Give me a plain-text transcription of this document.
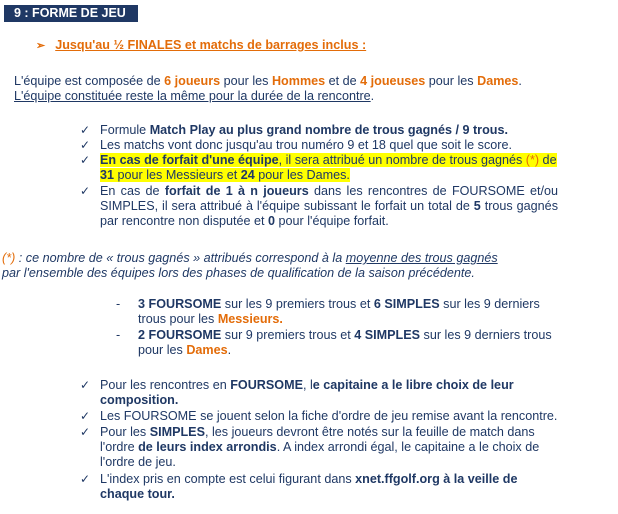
9 : FORME DE JEU
➢ Jusqu'au ½ FINALES et matchs de barrages inclus :
L'équipe est composée de 6 joueurs pour les Hommes et de 4 joueuses pour les Dames.
L'équipe constituée reste la même pour la durée de la rencontre.
✓ Formule Match Play au plus grand nombre de trous gagnés / 9 trous.
✓ Les matchs vont donc jusqu'au trou numéro 9 et 18 quel que soit le score.
✓ En cas de forfait d'une équipe, il sera attribué un nombre de trous gagnés (*) de 31 pour les Messieurs et 24 pour les Dames.
✓ En cas de forfait de 1 à n joueurs dans les rencontres de FOURSOME et/ou SIMPLES, il sera attribué à l'équipe subissant le forfait un total de 5 trous gagnés par rencontre non disputée et 0 pour l'équipe forfait.
(*) : ce nombre de « trous gagnés » attribués correspond à la moyenne des trous gagnés
par l'ensemble des équipes lors des phases de qualification de la saison précédente.
- 3 FOURSOME sur les 9 premiers trous et 6 SIMPLES sur les 9 derniers trous pour les Messieurs.
- 2 FOURSOME sur 9 premiers trous et 4 SIMPLES sur les 9 derniers trous pour les Dames.
✓ Pour les rencontres en FOURSOME, le capitaine a le libre choix de leur composition.
✓ Les FOURSOME se jouent selon la fiche d'ordre de jeu remise avant la rencontre.
✓ Pour les SIMPLES, les joueurs devront être notés sur la feuille de match dans l'ordre de leurs index arrondis. A index arrondi égal, le capitaine a le choix de l'ordre de jeu.
✓ L'index pris en compte est celui figurant dans xnet.ffgolf.org à la veille de chaque tour.
